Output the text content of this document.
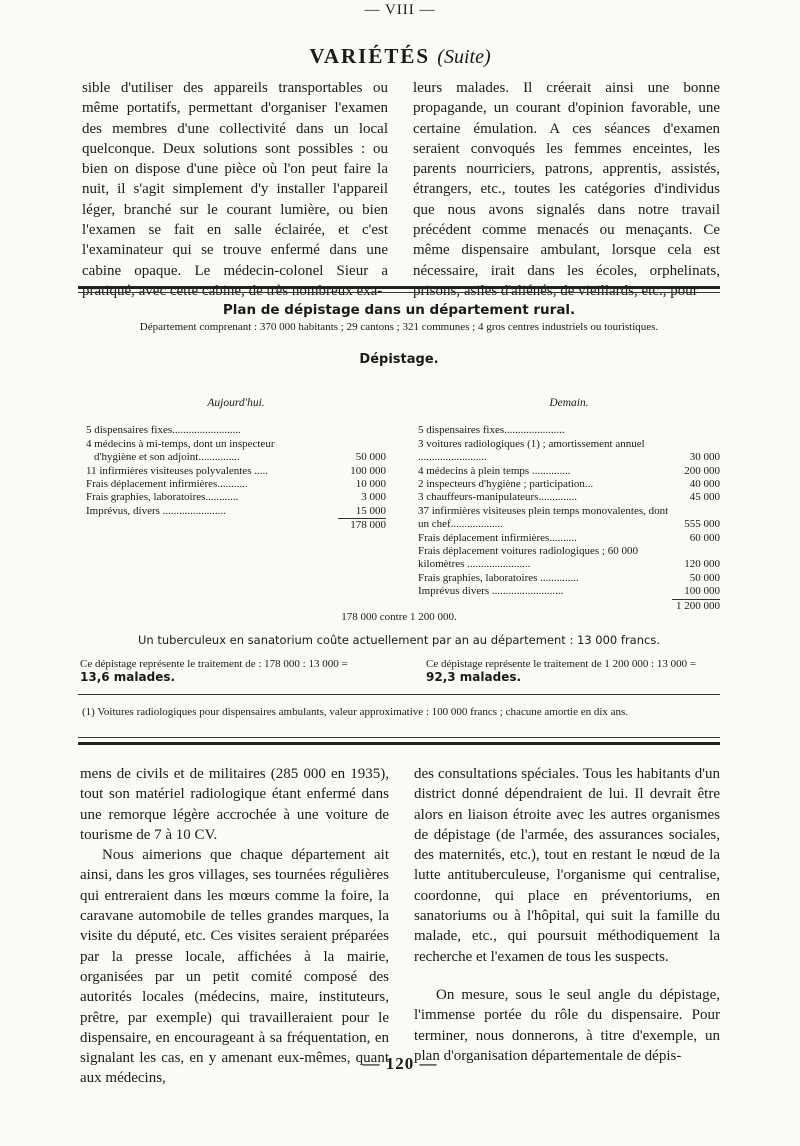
— VIII —
VARIÉTÉS (Suite)

sible d'utiliser des appareils transportables ou même portatifs, permettant d'organiser l'examen des membres d'une collectivité dans un local quelconque. Deux solutions sont possibles : ou bien on dispose d'une pièce où l'on peut faire la nuit, il s'agit simplement d'y installer l'appareil léger, branché sur le courant lumière, ou bien l'examen se fait en salle éclairée, et c'est l'examinateur qui se trouve enfermé dans une cabine opaque. Le médecin-colonel Sieur a pratiqué, avec cette cabine, de très nombreux exa-

leurs malades. Il créerait ainsi une bonne propagande, un courant d'opinion favorable, une certaine émulation. A ces séances d'examen seraient convoqués les femmes enceintes, les parents nourriciers, patrons, apprentis, assistés, étrangers, etc., toutes les catégories d'individus que nous avons signalés dans notre travail précédent comme menacés ou menaçants. Ce même dispensaire ambulant, lorsque cela est nécessaire, irait dans les écoles, orphelinats, prisons, asiles d'aliénés, de vieillards, etc., pour

Plan de dépistage dans un département rural.
Département comprenant : 370 000 habitants ; 29 cantons ; 321 communes ; 4 gros centres industriels ou touristiques.
Dépistage.
Aujourd'hui.
5 dispensaires fixes.........................
4 médecins à mi-temps, dont un inspecteur
d'hygiène et son adjoint...............	50 000
11 infirmières visiteuses polyvalentes .....	100 000
Frais déplacement infirmières...........	10 000
Frais graphies, laboratoires............	3 000
Imprévus, divers .......................	15 000
178 000
Demain.
5 dispensaires fixes......................
3 voitures radiologiques (1) ; amortissement annuel .........................	30 000
4 médecins à plein temps ..............	200 000
2 inspecteurs d'hygiène ; participation...	40 000
3 chauffeurs-manipulateurs..............	45 000
37 infirmières visiteuses plein temps monovalentes, dont un chef...................	555 000
Frais déplacement infirmières..........	60 000
Frais déplacement voitures radiologiques ; 60 000 kilomètres .......................	120 000
Frais graphies, laboratoires ..............	50 000
Imprévus divers ..........................	100 000
1 200 000
178 000 contre 1 200 000.
Un tuberculeux en sanatorium coûte actuellement par an au département : 13 000 francs.
Ce dépistage représente le traitement de : 178 000 : 13 000 = 13,6 malades.
Ce dépistage représente le traitement de 1 200 000 : 13 000 = 92,3 malades.
(1) Voitures radiologiques pour dispensaires ambulants, valeur approximative : 100 000 francs ; chacune amortie en dix ans.

mens de civils et de militaires (285 000 en 1935), tout son matériel radiologique étant enfermé dans une remorque légère accrochée à une voiture de tourisme de 7 à 10 CV.

Nous aimerions que chaque département ait ainsi, dans les gros villages, ses tournées régulières qui entreraient dans les mœurs comme la foire, la caravane automobile de telles grandes marques, la visite du député, etc. Ces visites seraient préparées par la presse locale, affichées à la mairie, organisées par un petit comité composé des autorités locales (médecins, maire, instituteurs, prêtre, par exemple) qui travailleraient pour le dispensaire, en encourageant à sa fréquentation, en signalant les cas, en y amenant eux-mêmes, quant aux médecins,

des consultations spéciales. Tous les habitants d'un district donné dépendraient de lui. Il devrait être alors en liaison étroite avec les autres organismes de dépistage (de l'armée, des assurances sociales, des maternités, etc.), tout en restant le nœud de la lutte antituberculeuse, l'organisme qui centralise, coordonne, qui place en préventoriums, en sanatoriums ou à l'hôpital, qui suit la famille du malade, etc., qui poursuit méthodiquement la recherche et l'examen de tous les suspects.

On mesure, sous le seul angle du dépistage, l'immense portée du rôle du dispensaire. Pour terminer, nous donnerons, à titre d'exemple, un plan d'organisation départementale de dépis-

— 120 —
